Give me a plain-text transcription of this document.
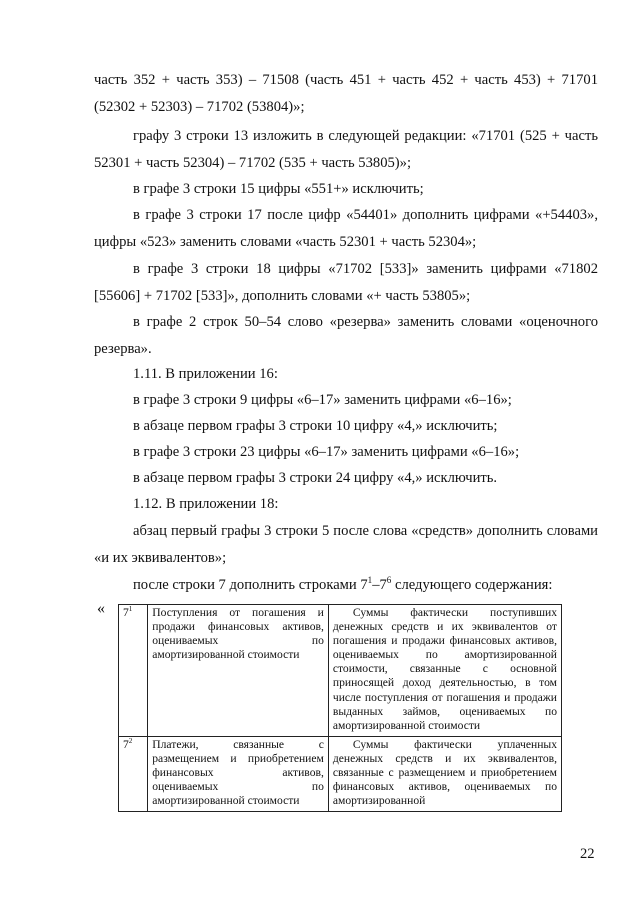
часть 352 + часть 353) – 71508 (часть 451 + часть 452 + часть 453) + 71701 (52302 + 52303) – 71702 (53804)»;

графу 3 строки 13 изложить в следующей редакции: «71701 (525 + часть 52301 + часть 52304) – 71702 (535 + часть 53805)»;

в графе 3 строки 15 цифры «551+» исключить;

в графе 3 строки 17 после цифр «54401» дополнить цифрами «+54403», цифры «523» заменить словами «часть 52301 + часть 52304»;

в графе 3 строки 18 цифры «71702 [533]» заменить цифрами «71802 [55606] + 71702 [533]», дополнить словами «+ часть 53805»;

в графе 2 строк 50–54 слово «резерва» заменить словами «оценочного резерва».

1.11. В приложении 16:

в графе 3 строки 9 цифры «6–17» заменить цифрами «6–16»;

в абзаце первом графы 3 строки 10 цифру «4,» исключить;

в графе 3 строки 23 цифры «6–17» заменить цифрами «6–16»;

в абзаце первом графы 3 строки 24 цифру «4,» исключить.

1.12. В приложении 18:

абзац первый графы 3 строки 5 после слова «средств» дополнить словами «и их эквивалентов»;

после строки 7 дополнить строками $7^1-7^6$ следующего содержания:

« $7^1$	Поступления от погашения и продажи финансовых активов, оцениваемых по амортизированной стоимости	Суммы фактически поступивших денежных средств и их эквивалентов от погашения и продажи финансовых активов, оцениваемых по амортизированной стоимости, связанные с основной приносящей доход деятельностью, в том числе поступления от погашения и продажи выданных займов, оцениваемых по амортизированной стоимости
$7^2$	Платежи, связанные с размещением и приобретением финансовых активов, оцениваемых по амортизированной стоимости	Суммы фактически уплаченных денежных средств и их эквивалентов, связанные с размещением и приобретением финансовых активов, оцениваемых по амортизированной
22
